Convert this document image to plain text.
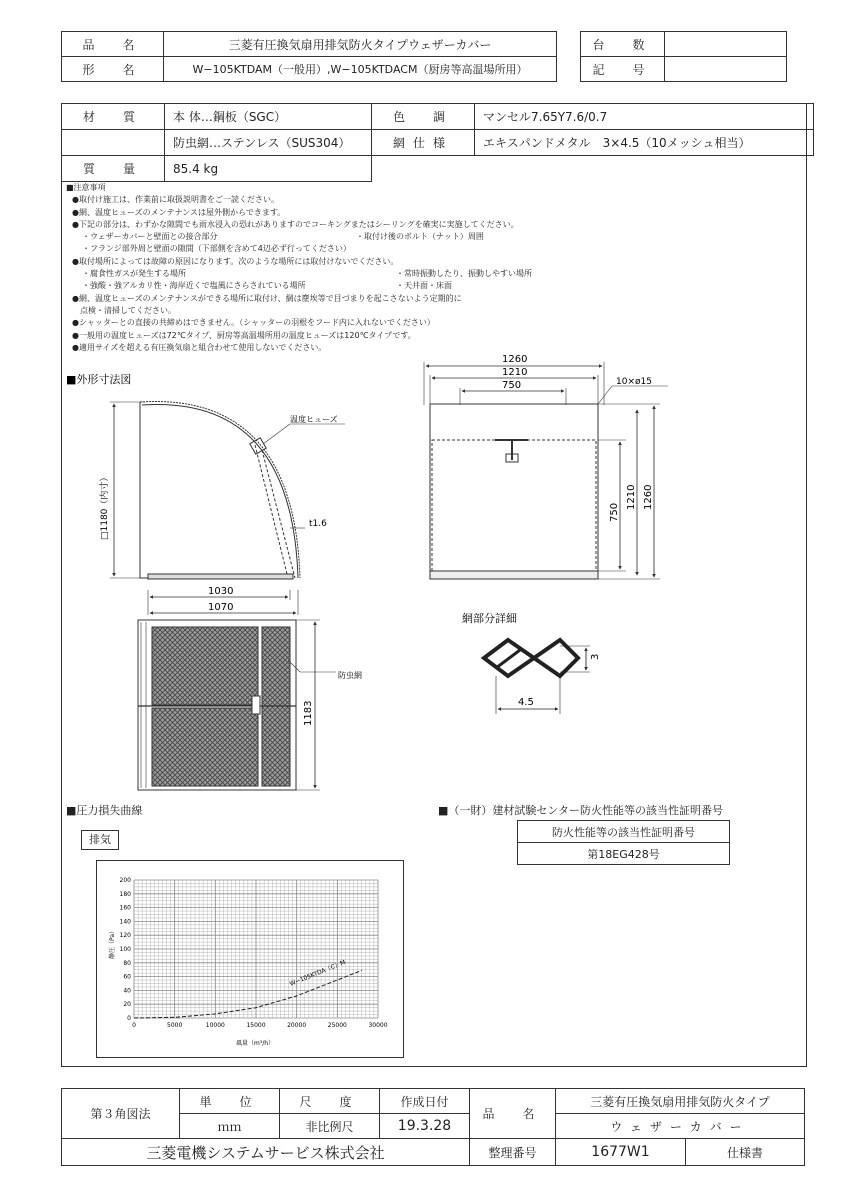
品　名	三菱有圧換気扇用排気防火タイプウェザーカバー
形　名	W−105KTDAM（一般用）,W−105KTDACM（厨房等高温場所用）
台　数	
記　号	
材　質	本 体…鋼板（SGC）	色　調	マンセル7.65Y7.6/0.7
	防虫網…ステンレス（SUS304）	網仕様	エキスパンドメタル　3×4.5（10メッシュ相当）
質　量	85.4 kg		
■注意事項
●取付け施工は、作業前に取扱説明書をご一読ください。
●網、温度ヒューズのメンテナンスは屋外側からできます。
●下記の部分は、わずかな隙間でも雨水浸入の恐れがありますのでコーキングまたはシーリングを確実に実施してください。
・ウェザーカバーと壁面との接合部分	・取付け後のボルト（ナット）周囲
・フランジ部外周と壁面の隙間（下部側を含めて4辺必ず行ってください）
●取付場所によっては故障の原因になります。次のような場所には取付けないでください。
・腐食性ガスが発生する場所	・常時振動したり、振動しやすい場所
・強酸・強アルカリ性・海岸近くで塩風にさらされている場所	・天井面・床面
●網、温度ヒューズのメンテナンスができる場所に取付け、網は塵埃等で目づまりを起こさないよう定期的に
点検・清掃してください。
●シャッターとの直接の共締めはできません。（シャッターの羽根をフード内に入れないでください）
●一般用の温度ヒューズは72℃タイプ、厨房等高温場所用の温度ヒューズは120℃タイプです。
●適用サイズを超える有圧換気扇と組合わせて使用しないでください。
■外形寸法図
温度ヒューズ
□1180（内寸）	t1.6
1030
1070
防虫網
1183
1260
1210
750	10×ø15
750
1210 1260
網部分詳細
3
4.5
■圧力損失曲線
排気
0	5000	10000	15000	20000	25000	30000
0
20
40
60
80
100
120
140
160
180
200
W−105KTDA（C）M
静圧（Pa）
風量（m³/h）
■（一財）建材試験センター防火性能等の該当性証明番号
防火性能等の該当性証明番号
第18EG428号
第３角図法	単　位	尺　度	作成日付	品　名	三菱有圧換気扇用排気防火タイプ	
	ｍｍ	非比例尺	19.3.28		ウェザーカバー	
三菱電機システムサービス株式会社				整理番号	1677W1	仕様書
